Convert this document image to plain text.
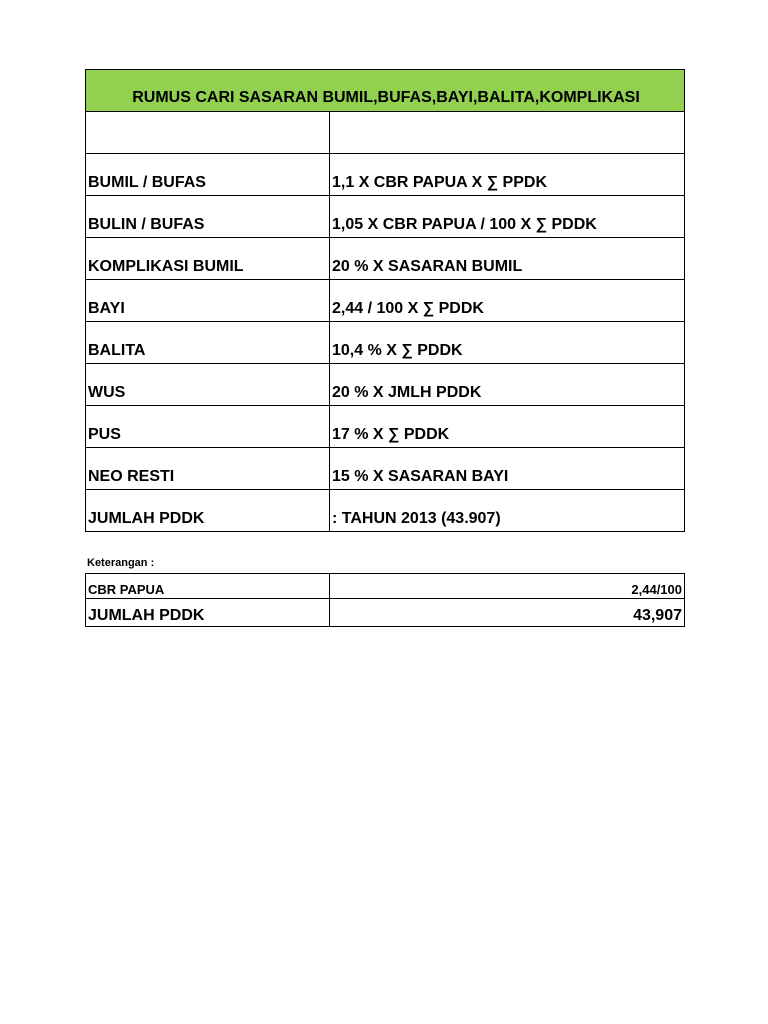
RUMUS CARI SASARAN BUMIL,BUFAS,BAYI,BALITA,KOMPLIKASI	

BUMIL / BUFAS	1,1 X CBR PAPUA X ∑ PPDK
BULIN / BUFAS	1,05 X CBR PAPUA / 100 X ∑ PDDK
KOMPLIKASI BUMIL	20 % X SASARAN BUMIL
BAYI	2,44 / 100 X ∑ PDDK
BALITA	10,4 % X ∑ PDDK
WUS	20 % X JMLH PDDK
PUS	17 % X ∑ PDDK
NEO RESTI	15 % X SASARAN BAYI
JUMLAH PDDK	: TAHUN 2013 (43.907)
Keterangan :
CBR PAPUA	2,44/100
JUMLAH PDDK	43,907
